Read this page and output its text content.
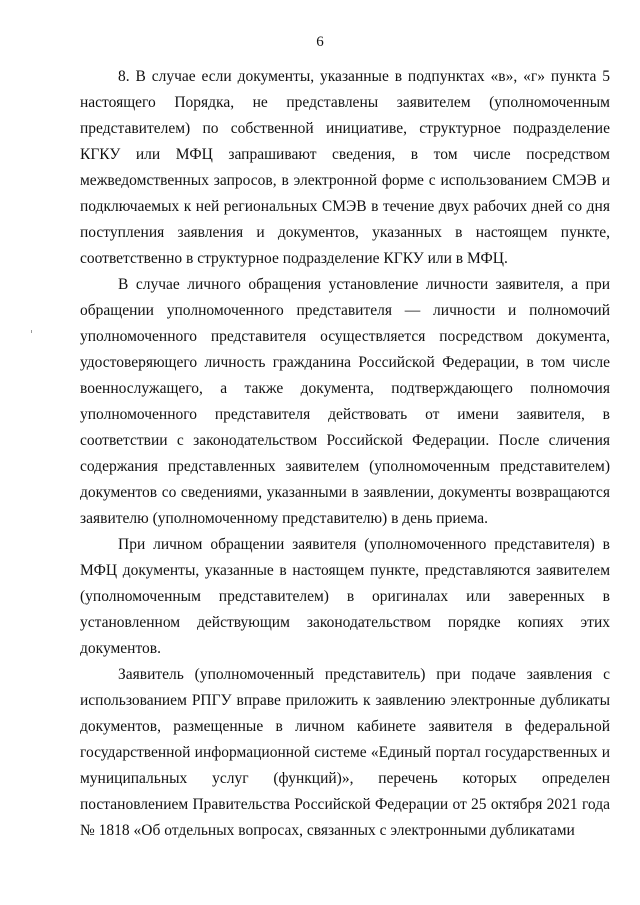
6

8. В случае если документы, указанные в подпунктах «в», «г» пункта 5 настоящего Порядка, не представлены заявителем (уполномоченным представителем) по собственной инициативе, структурное подразделение КГКУ или МФЦ запрашивают сведения, в том числе посредством межведомственных запросов, в электронной форме с использованием СМЭВ и подключаемых к ней региональных СМЭВ в течение двух рабочих дней со дня поступления заявления и документов, указанных в настоящем пункте, соответственно в структурное подразделение КГКУ или в МФЦ.

В случае личного обращения установление личности заявителя, а при обращении уполномоченного представителя — личности и полномочий уполномоченного представителя осуществляется посредством документа, удостоверяющего личность гражданина Российской Федерации, в том числе военнослужащего, а также документа, подтверждающего полномочия уполномоченного представителя действовать от имени заявителя, в соответствии с законодательством Российской Федерации. После сличения содержания представленных заявителем (уполномоченным представителем) документов со сведениями, указанными в заявлении, документы возвращаются заявителю (уполномоченному представителю) в день приема.

При личном обращении заявителя (уполномоченного представителя) в МФЦ документы, указанные в настоящем пункте, представляются заявителем (уполномоченным представителем) в оригиналах или заверенных в установленном действующим законодательством порядке копиях этих документов.

Заявитель (уполномоченный представитель) при подаче заявления с использованием РПГУ вправе приложить к заявлению электронные дубликаты документов, размещенные в личном кабинете заявителя в федеральной государственной информационной системе «Единый портал государственных и муниципальных услуг (функций)», перечень которых определен постановлением Правительства Российской Федерации от 25 октября 2021 года № 1818 «Об отдельных вопросах, связанных с электронными дубликатами
